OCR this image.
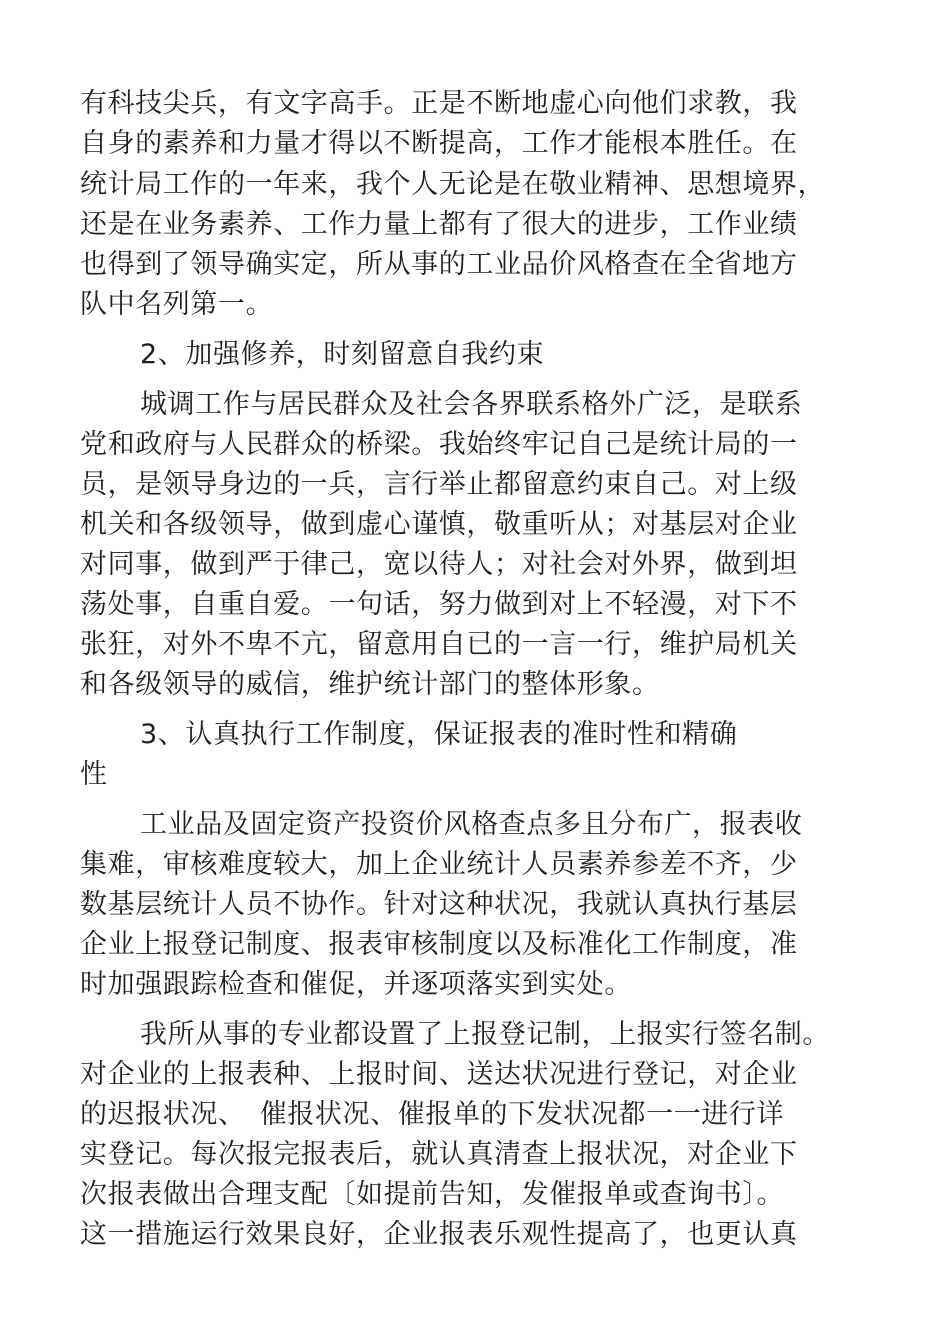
有科技尖兵，有文字高手。正是不断地虚心向他们求教，我
自身的素养和力量才得以不断提高，工作才能根本胜任。在
统计局工作的一年来，我个人无论是在敬业精神、思想境界，
还是在业务素养、工作力量上都有了很大的进步，工作业绩
也得到了领导确实定，所从事的工业品价风格查在全省地方
队中名列第一。
2、加强修养，时刻留意自我约束
城调工作与居民群众及社会各界联系格外广泛，是联系
党和政府与人民群众的桥梁。我始终牢记自己是统计局的一
员，是领导身边的一兵，言行举止都留意约束自己。对上级
机关和各级领导，做到虚心谨慎，敬重听从；对基层对企业
对同事，做到严于律己，宽以待人；对社会对外界，做到坦
荡处事，自重自爱。一句话，努力做到对上不轻漫，对下不
张狂，对外不卑不亢，留意用自已的一言一行，维护局机关
和各级领导的威信，维护统计部门的整体形象。
3、认真执行工作制度，保证报表的准时性和精确
性
工业品及固定资产投资价风格查点多且分布广，报表收
集难，审核难度较大，加上企业统计人员素养参差不齐，少
数基层统计人员不协作。针对这种状况，我就认真执行基层
企业上报登记制度、报表审核制度以及标准化工作制度，准
时加强跟踪检查和催促，并逐项落实到实处。
我所从事的专业都设置了上报登记制，上报实行签名制。
对企业的上报表种、上报时间、送达状况进行登记，对企业
的迟报状况、　催报状况、催报单的下发状况都一一进行详
实登记。每次报完报表后，就认真清查上报状况，对企业下
次报表做出合理支配〔如提前告知，发催报单或查询书〕。
这一措施运行效果良好，企业报表乐观性提高了，也更认真
